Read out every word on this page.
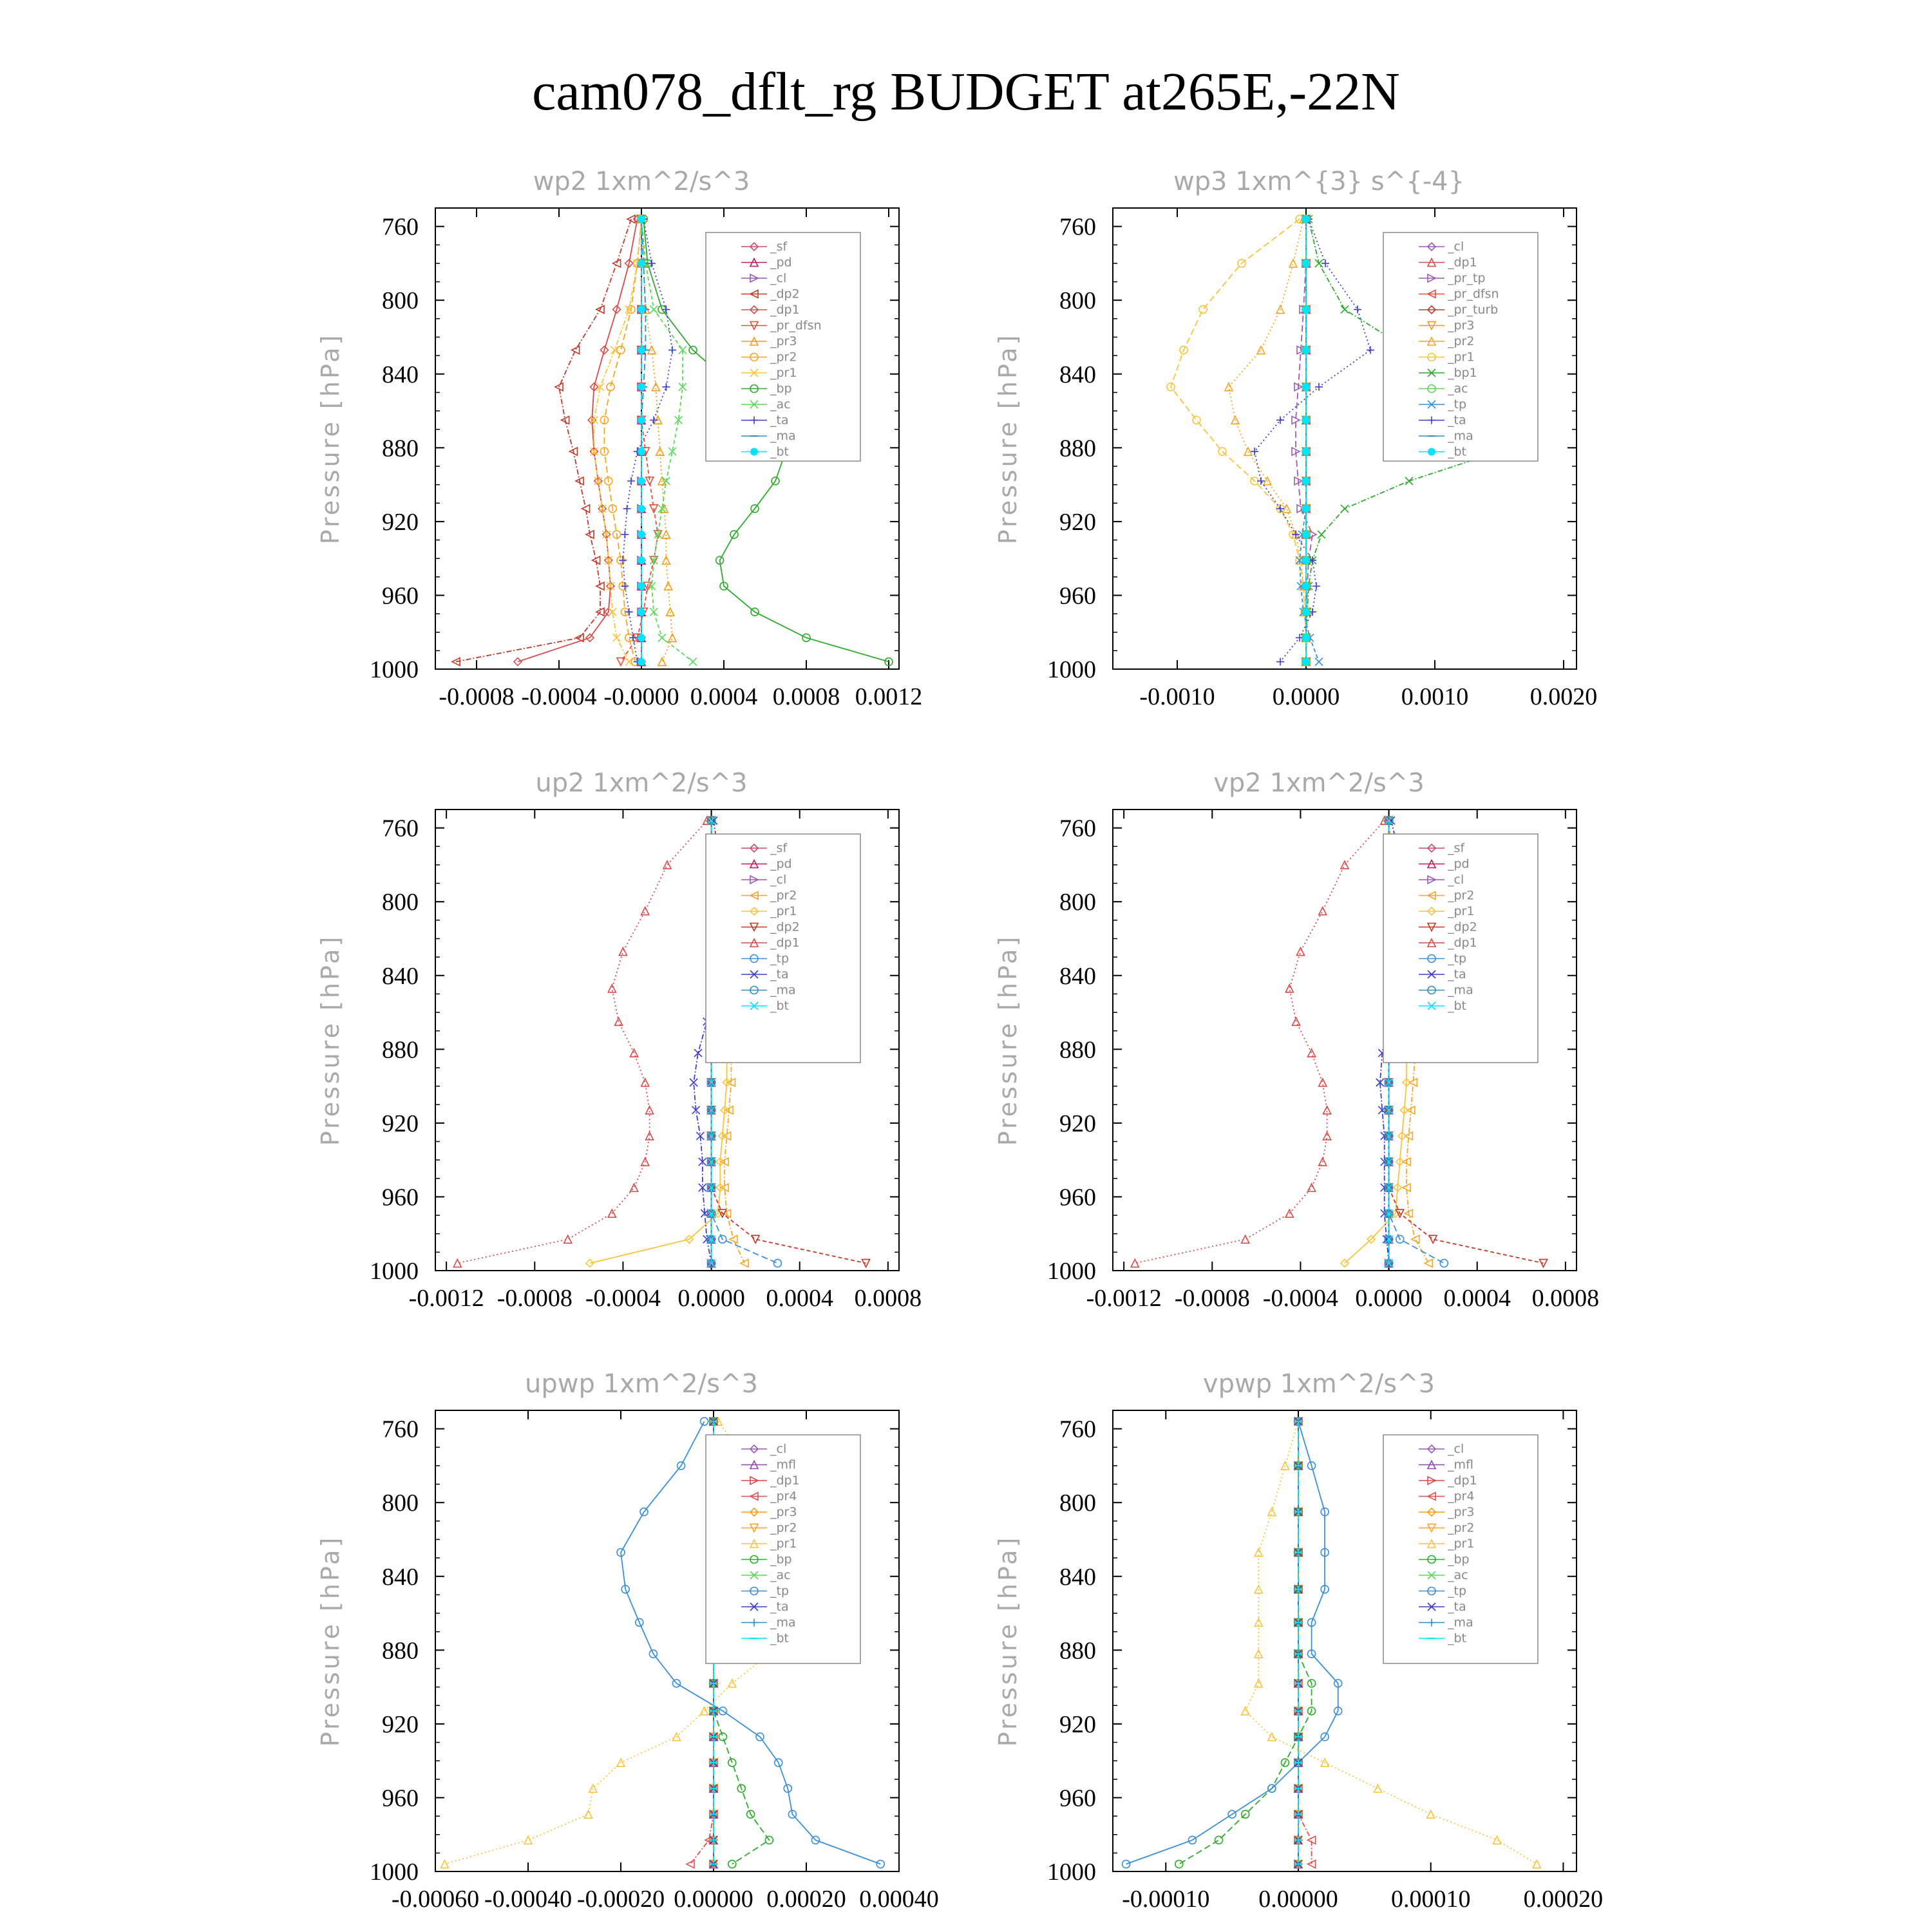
cam078_dflt_rg BUDGET at265E,-22N
wp2 1xm^2/s^3
Pressure [hPa]
760
800
840
880
920
960
1000
-0.0008 -0.0004 -0.0000 0.0004 0.0008 0.0012
_sf
_pd
_cl
_dp2
_dp1
_pr_dfsn
_pr3
_pr2
_pr1
_bp
_ac
_ta
_ma
_bt
wp3 1xm^{3} s^{-4}
Pressure [hPa]
760
800
840
880
920
960
1000
-0.0010 0.0000	0.0010	0.0020
_cl
_dp1
_pr_tp
_pr_dfsn
_pr_turb
_pr3
_pr2
_pr1
_bp1
_ac
_tp
_ta
_ma
_bt
up2 1xm^2/s^3
Pressure [hPa]
760
800
840
880
920
960
1000
-0.0012 -0.0008 -0.0004 0.0000 0.0004 0.0008
_sf
_pd
_cl
_pr2
_pr1
_dp2
_dp1
_tp
_ta
_ma
_bt
vp2 1xm^2/s^3
Pressure [hPa]
760
800
840
880
920
960
1000
-0.0012 -0.0008 -0.0004 0.0000 0.0004 0.0008
_sf
_pd
_cl
_pr2
_pr1
_dp2
_dp1
_tp
_ta
_ma
_bt
upwp 1xm^2/s^3
Pressure [hPa]
760
800
840
880
920
960
1000
-0.00060 -0.00040 -0.00020 0.00000 0.00020 0.00040
_cl
_mfl
_dp1
_pr4
_pr3
_pr2
_pr1
_bp
_ac
_tp
_ta
_ma
_bt
vpwp 1xm^2/s^3
Pressure [hPa]
760
800
840
880
920
960
1000
-0.00010 0.00000 0.00010 0.00020
_cl
_mfl
_dp1
_pr4
_pr3
_pr2
_pr1
_bp
_ac
_tp
_ta
_ma
_bt
